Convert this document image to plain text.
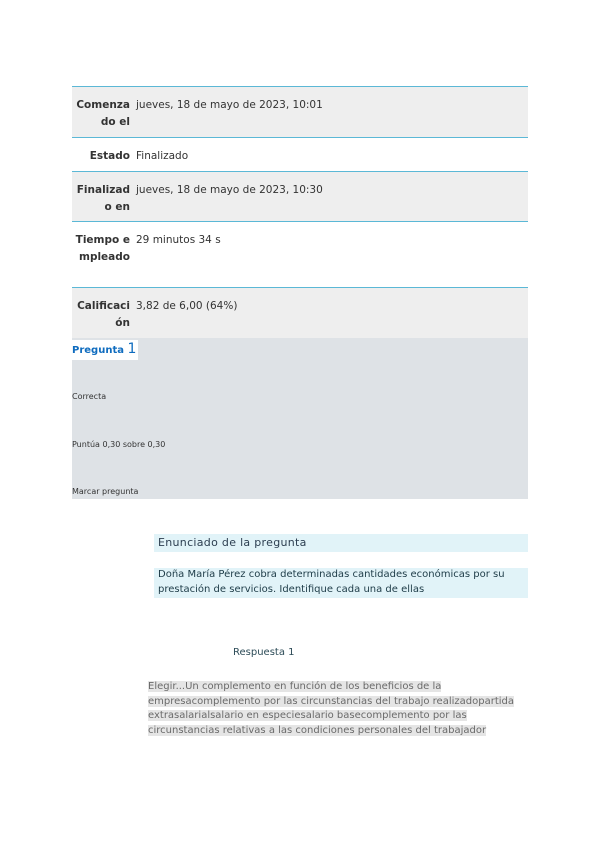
Comenzado el
jueves, 18 de mayo de 2023, 10:01
Estado Finalizado
Finalizado en
jueves, 18 de mayo de 2023, 10:30
Tiempo empleado
29 minutos 34 s
Calificación
3,82 de 6,00 (64%)
Pregunta 1
Correcta
Puntúa 0,30 sobre 0,30
Marcar pregunta
Enunciado de la pregunta
Doña María Pérez cobra determinadas cantidades económicas por su prestación de servicios. Identifique cada una de ellas
Respuesta 1
Elegir...Un complemento en función de los beneficios de la empresacomplemento por las circunstancias del trabajo realizadopartida extrasalarialsalario en especiesalario basecomplemento por las circunstancias relativas a las condiciones personales del trabajador
